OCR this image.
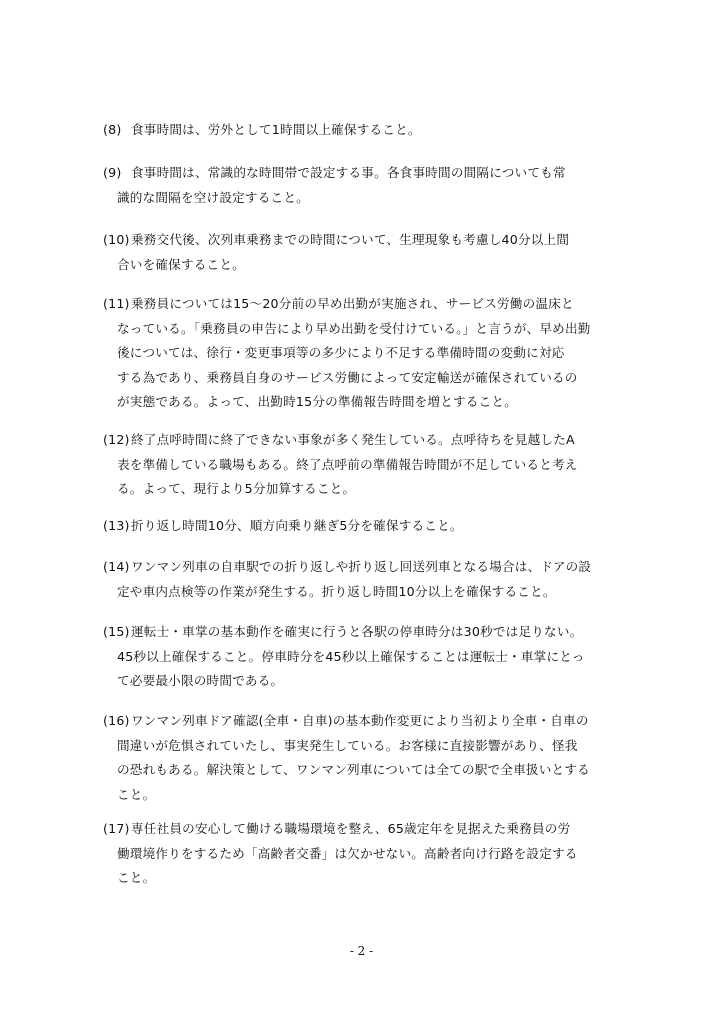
(8) 食事時間は、労外として1時間以上確保すること。
(9) 食事時間は、常識的な時間帯で設定する事。各食事時間の間隔についても常
識的な間隔を空け設定すること。
(10) 乗務交代後、次列車乗務までの時間について、生理現象も考慮し40分以上間
合いを確保すること。
(11) 乗務員については15〜20分前の早め出勤が実施され、サービス労働の温床と
なっている。「乗務員の申告により早め出勤を受付けている。」と言うが、早め出勤
後については、徐行・変更事項等の多少により不足する準備時間の変動に対応
する為であり、乗務員自身のサービス労働によって安定輸送が確保されているの
が実態である。よって、出勤時15分の準備報告時間を増とすること。
(12) 終了点呼時間に終了できない事象が多く発生している。点呼待ちを見越したA
表を準備している職場もある。終了点呼前の準備報告時間が不足していると考え
る。よって、現行より5分加算すること。
(13) 折り返し時間10分、順方向乗り継ぎ5分を確保すること。
(14) ワンマン列車の自車駅での折り返しや折り返し回送列車となる場合は、ドアの設
定や車内点検等の作業が発生する。折り返し時間10分以上を確保すること。
(15) 運転士・車掌の基本動作を確実に行うと各駅の停車時分は30秒では足りない。
45秒以上確保すること。停車時分を45秒以上確保することは運転士・車掌にとっ
て必要最小限の時間である。
(16) ワンマン列車ドア確認(全車・自車)の基本動作変更により当初より全車・自車の
間違いが危惧されていたし、事実発生している。お客様に直接影響があり、怪我
の恐れもある。解決策として、ワンマン列車については全ての駅で全車扱いとする
こと。
(17) 専任社員の安心して働ける職場環境を整え、65歳定年を見据えた乗務員の労
働環境作りをするため「高齢者交番」は欠かせない。高齢者向け行路を設定する
こと。
- 2 -
